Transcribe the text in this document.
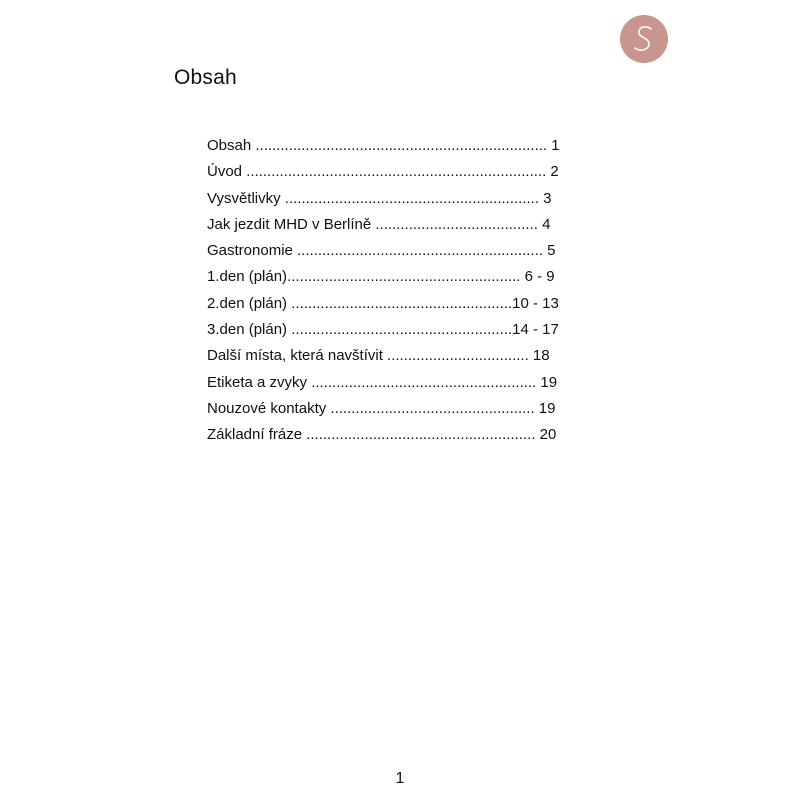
Obsah
Obsah ...................................................................... 1
Úvod ........................................................................ 2
Vysvětlivky ............................................................. 3
Jak jezdit MHD v Berlíně ....................................... 4
Gastronomie ........................................................... 5
1.den (plán)........................................................ 6 - 9
2.den (plán) .....................................................10 - 13
3.den (plán) .....................................................14 - 17
Další místa, která navštívit .................................. 18
Etiketa a zvyky ...................................................... 19
Nouzové kontakty ................................................. 19
Základní fráze ....................................................... 20
1
